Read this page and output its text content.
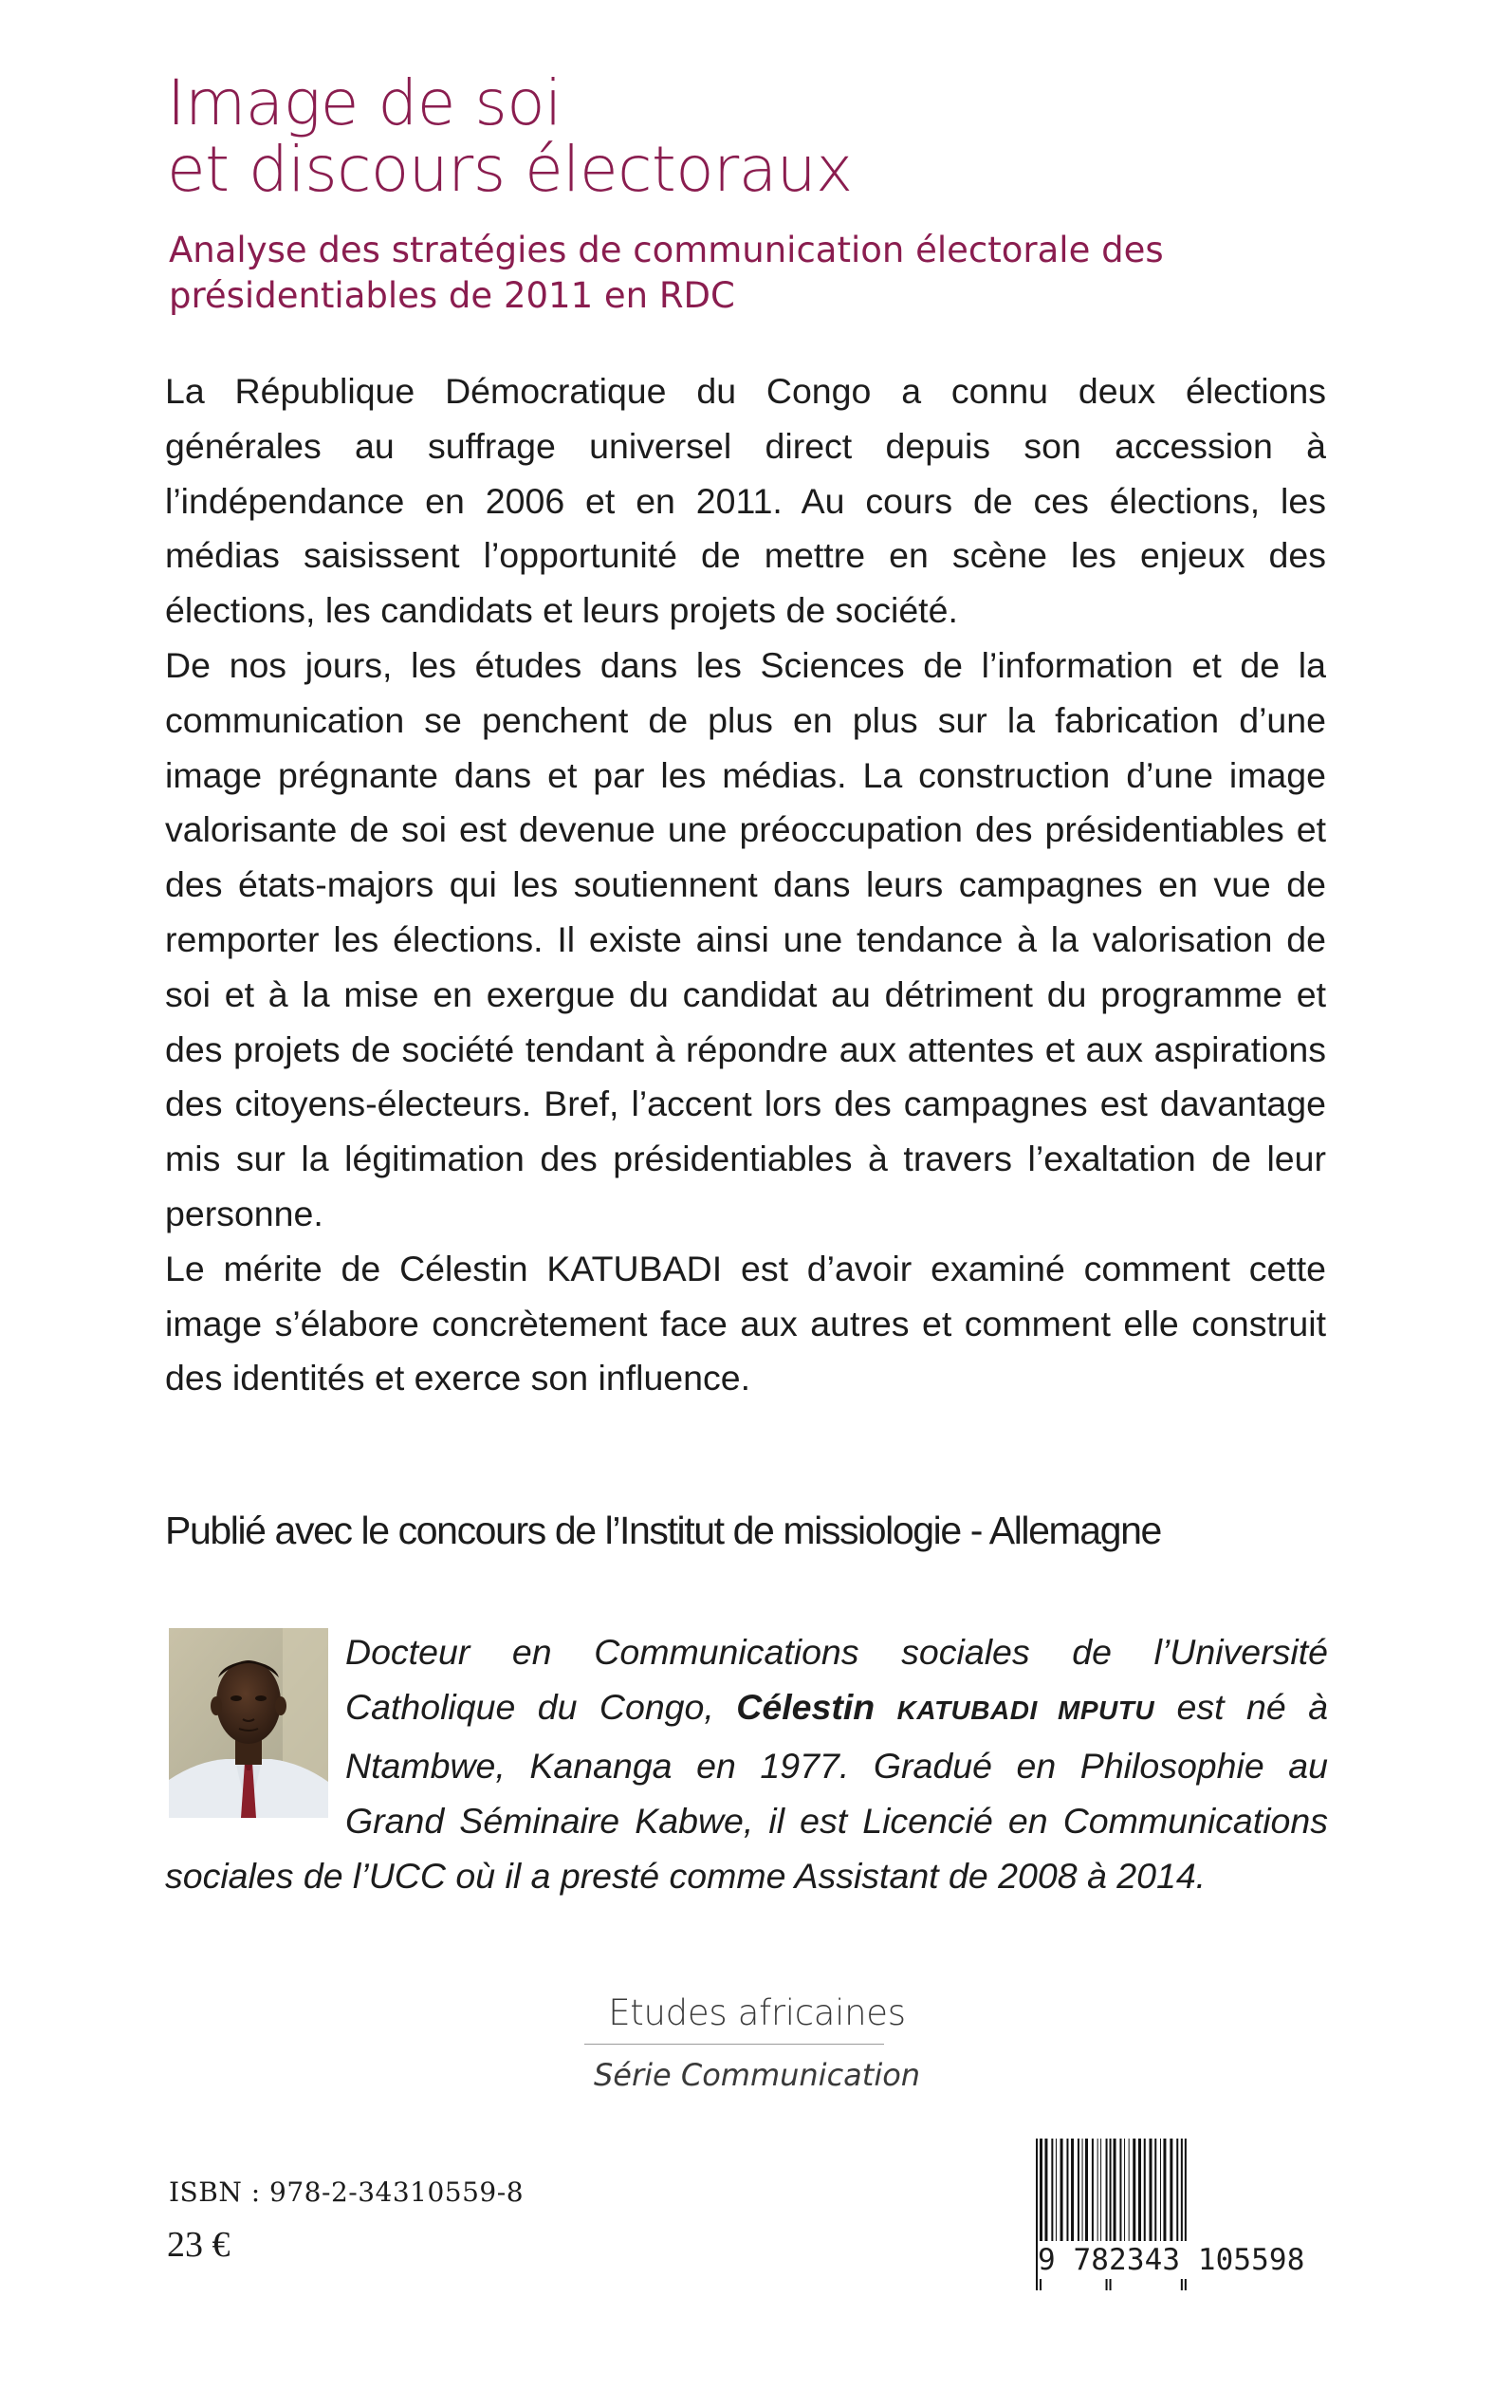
Image de soi
et discours électoraux
Analyse des stratégies de communication électorale des
présidentiables de 2011 en RDC

La République Démocratique du Congo a connu deux élections générales au suffrage universel direct depuis son accession à l’indépendance en 2006 et en 2011. Au cours de ces élections, les médias saisissent l’opportunité de mettre en scène les enjeux des élections, les candidats et leurs projets de société.

De nos jours, les études dans les Sciences de l’information et de la communication se penchent de plus en plus sur la fabrication d’une image prégnante dans et par les médias. La construction d’une image valorisante de soi est devenue une préoccupation des présidentiables et des états-majors qui les soutiennent dans leurs campagnes en vue de remporter les élections. Il existe ainsi une tendance à la valorisation de soi et à la mise en exergue du candidat au détriment du programme et des projets de société tendant à répondre aux attentes et aux aspirations des citoyens-électeurs. Bref, l’accent lors des campagnes est davantage mis sur la légitimation des présidentiables à travers l’exaltation de leur personne.

Le mérite de Célestin KATUBADI est d’avoir examiné comment cette image s’élabore concrètement face aux autres et comment elle construit des identités et exerce son influence.

Publié avec le concours de l’Institut de missiologie - Allemagne
Docteur en Communications sociales de l’Université Catholique du Congo, Célestin KATUBADI MPUTU est né à Ntambwe, Kananga en 1977. Gradué en Philosophie au Grand Séminaire Kabwe, il est Licencié en Communications sociales de l’UCC où il a presté comme Assistant de 2008 à 2014.
Etudes africaines
Série Communication
ISBN : 978-2-34310559-8
23 €	9 782343 105598
